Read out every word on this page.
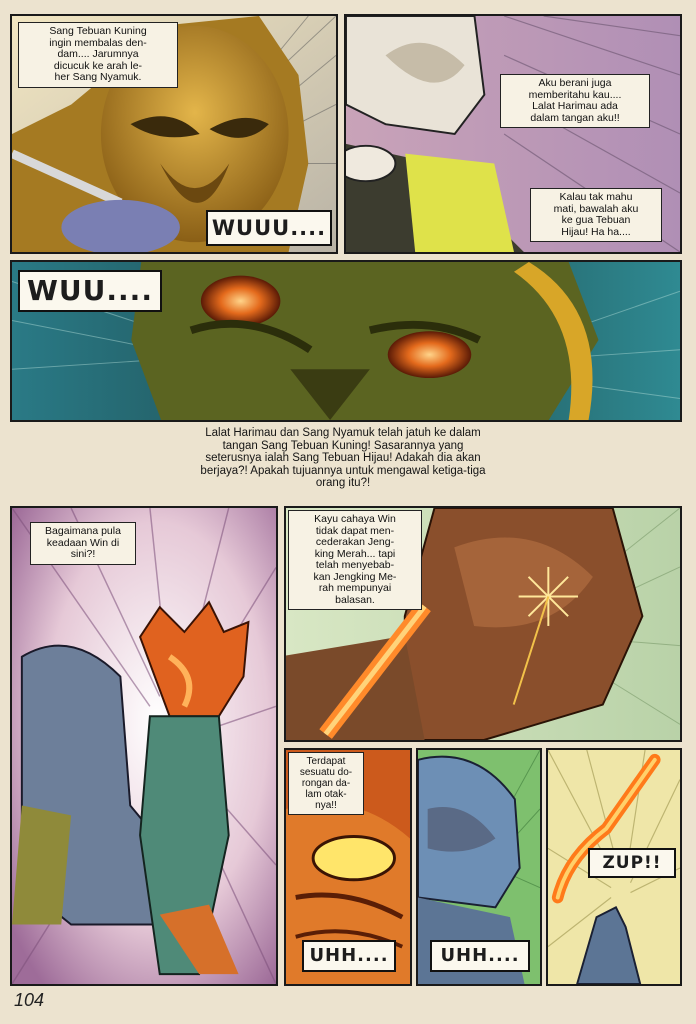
Sang Tebuan Kuning
ingin membalas den-
dam.... Jarumnya
dicucuk ke arah le-
her Sang Nyamuk.
WUUU....
Aku berani juga
memberitahu kau....
Lalat Harimau ada
dalam tangan aku!!
Kalau tak mahu
mati, bawalah aku
ke gua Tebuan
Hijau! Ha ha....
WUU....
Lalat Harimau dan Sang Nyamuk telah jatuh ke dalam
tangan Sang Tebuan Kuning! Sasarannya yang
seterusnya ialah Sang Tebuan Hijau! Adakah dia akan
berjaya?! Apakah tujuannya untuk mengawal ketiga-tiga
orang itu?!
Bagaimana pula
keadaan Win di
sini?!
Kayu cahaya Win
tidak dapat men-
cederakan Jeng-
king Merah... tapi
telah menyebab-
kan Jengking Me-
rah mempunyai
balasan.
Terdapat
sesuatu do-
rongan da-
lam otak-
nya!!
UHH....	UHH....
ZUP!!
104
